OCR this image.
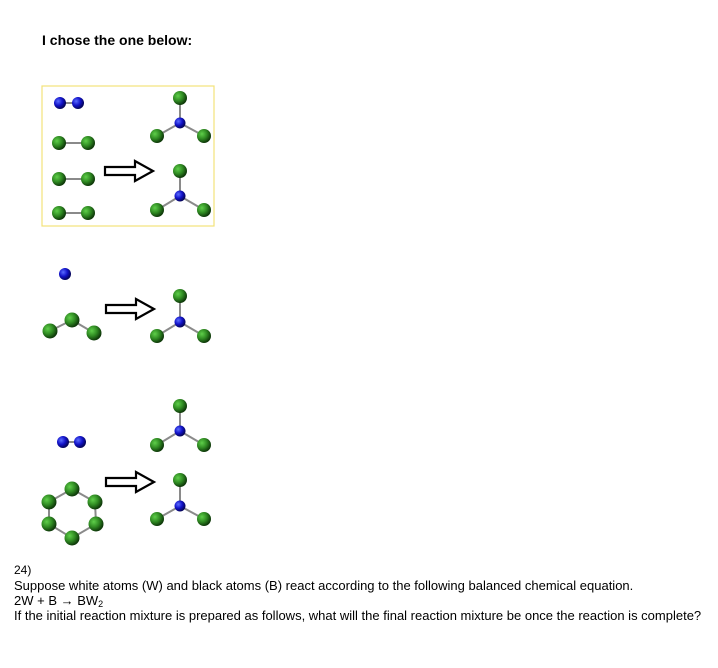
I chose the one below:
24)
Suppose white atoms (W) and black atoms (B) react according to the following balanced chemical equation.
$2W + B \to BW_2$
If the initial reaction mixture is prepared as follows, what will the final reaction mixture be once the reaction is complete?
